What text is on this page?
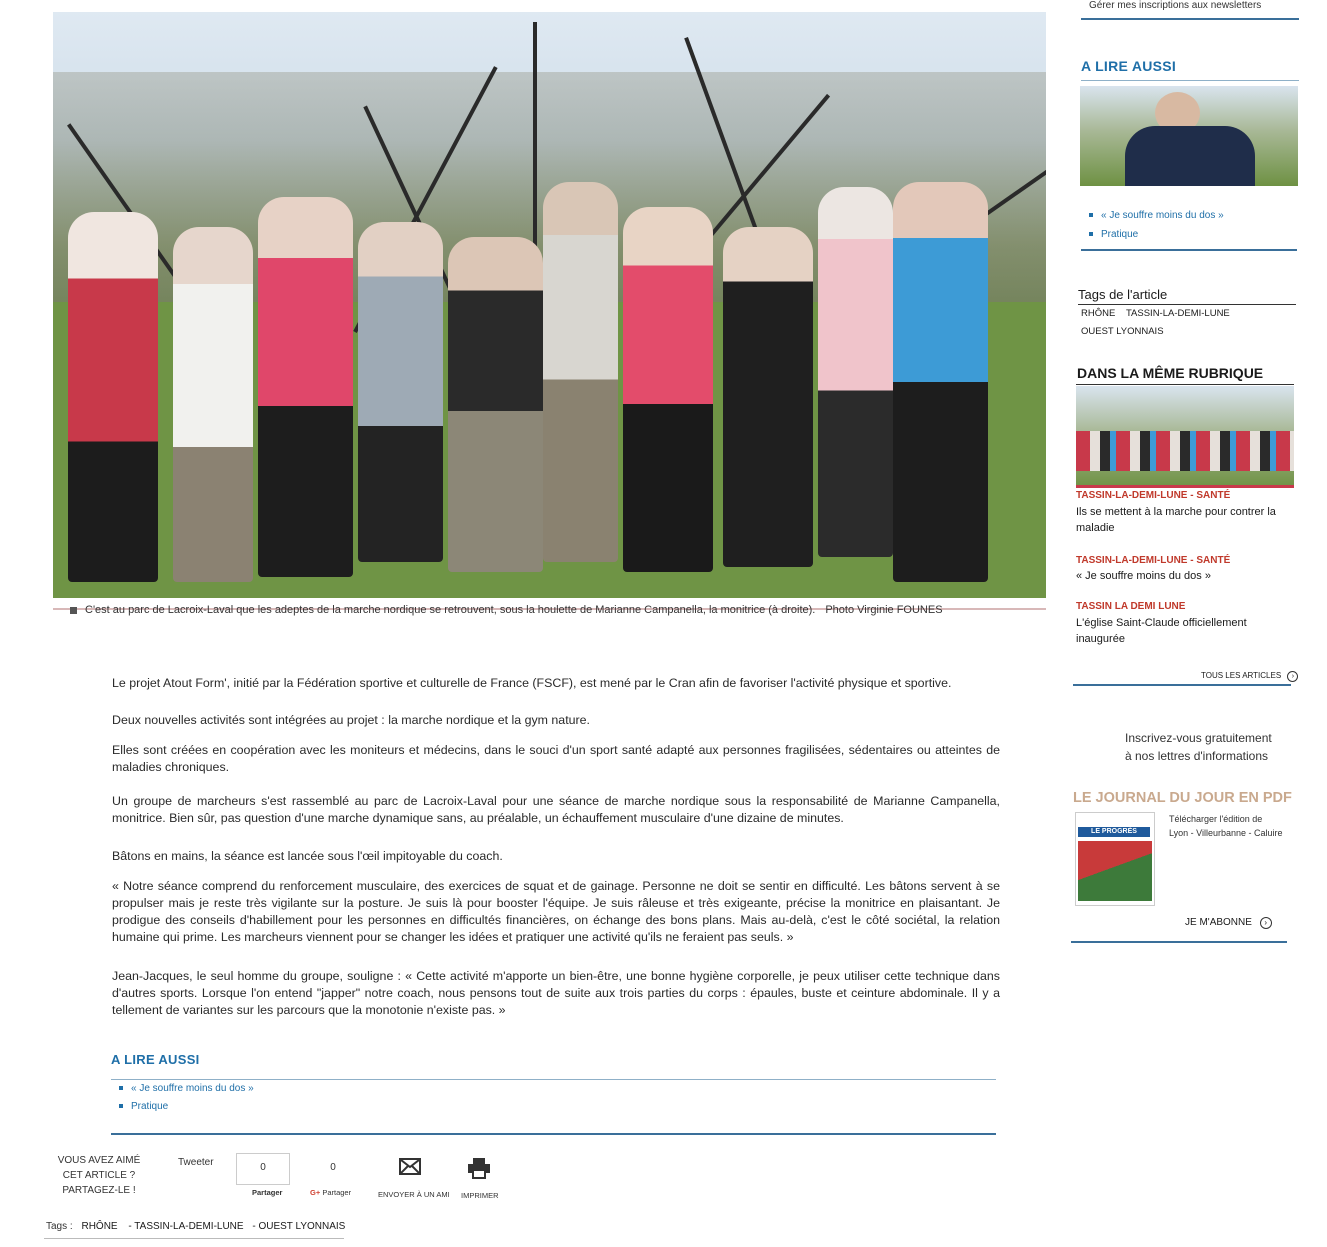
Gérer mes inscriptions aux newsletters
C'est au parc de Lacroix-Laval que les adeptes de la marche nordique se retrouvent, sous la houlette de Marianne Campanella, la monitrice (à droite). Photo Virginie FOUNES
Le projet Atout Form', initié par la Fédération sportive et culturelle de France (FSCF), est mené par le Cran afin de favoriser l'activité physique et sportive.
Deux nouvelles activités sont intégrées au projet : la marche nordique et la gym nature.
Elles sont créées en coopération avec les moniteurs et médecins, dans le souci d'un sport santé adapté aux personnes fragilisées, sédentaires ou atteintes de maladies chroniques.
Un groupe de marcheurs s'est rassemblé au parc de Lacroix-Laval pour une séance de marche nordique sous la responsabilité de Marianne Campanella, monitrice. Bien sûr, pas question d'une marche dynamique sans, au préalable, un échauffement musculaire d'une dizaine de minutes.
Bâtons en mains, la séance est lancée sous l'œil impitoyable du coach.
« Notre séance comprend du renforcement musculaire, des exercices de squat et de gainage. Personne ne doit se sentir en difficulté. Les bâtons servent à se propulser mais je reste très vigilante sur la posture. Je suis là pour booster l'équipe. Je suis râleuse et très exigeante, précise la monitrice en plaisantant. Je prodigue des conseils d'habillement pour les personnes en difficultés financières, on échange des bons plans. Mais au-delà, c'est le côté sociétal, la relation humaine qui prime. Les marcheurs viennent pour se changer les idées et pratiquer une activité qu'ils ne feraient pas seuls. »
Jean-Jacques, le seul homme du groupe, souligne : « Cette activité m'apporte un bien-être, une bonne hygiène corporelle, je peux utiliser cette technique dans d'autres sports. Lorsque l'on entend "japper" notre coach, nous pensons tout de suite aux trois parties du corps : épaules, buste et ceinture abdominale. Il y a tellement de variantes sur les parcours que la monotonie n'existe pas. »
A LIRE AUSSI
« Je souffre moins du dos »
Pratique
VOUS AVEZ AIMÉ
CET ARTICLE ?
PARTAGEZ-LE !
Tweeter	0
Partager
0
G+ Partager	ENVOYER À UN AMI IMPRIMER
Tags : RHÔNE - TASSIN-LA-DEMI-LUNE - OUEST LYONNAIS
A LIRE AUSSI
« Je souffre moins du dos »
Pratique
Tags de l'article
RHÔNE TASSIN-LA-DEMI-LUNE
OUEST LYONNAIS
DANS LA MÊME RUBRIQUE
TASSIN-LA-DEMI-LUNE - SANTÉ
Ils se mettent à la marche pour contrer la maladie
TASSIN-LA-DEMI-LUNE - SANTÉ
« Je souffre moins du dos »
TASSIN LA DEMI LUNE
L'église Saint-Claude officiellement inaugurée
TOUS LES ARTICLES ›
Inscrivez-vous gratuitement
à nos lettres d'informations
LE JOURNAL DU JOUR EN PDF
LE PROGRÈS
Télécharger l'édition de
Lyon - Villeurbanne - Caluire
JE M'ABONNE ›
